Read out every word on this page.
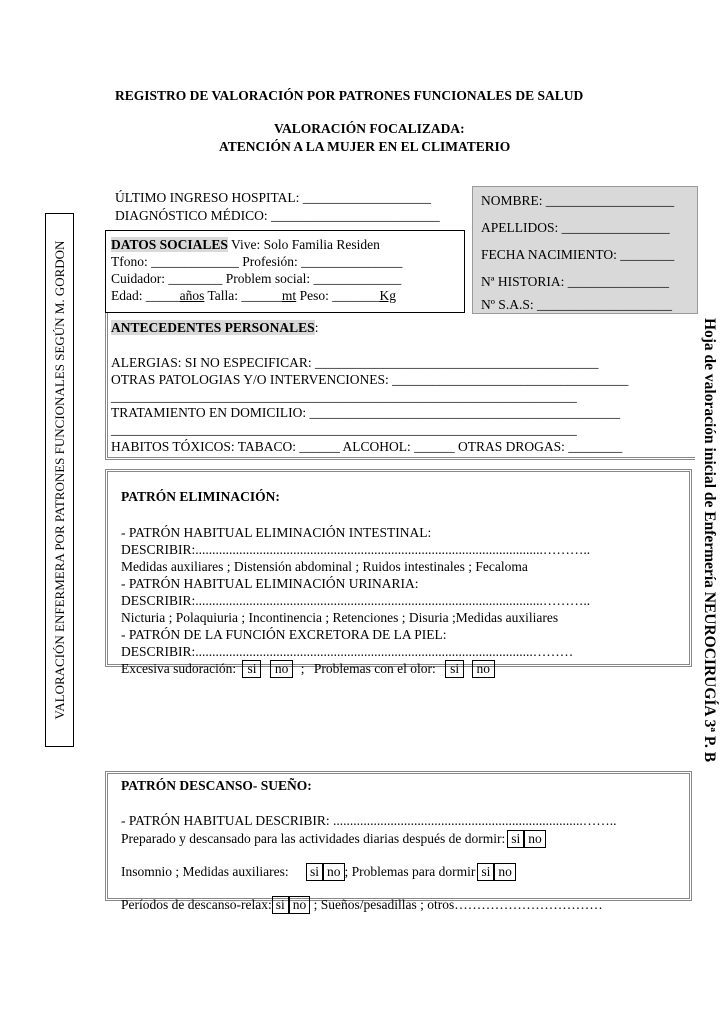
REGISTRO DE VALORACIÓN POR PATRONES FUNCIONALES DE SALUD
VALORACIÓN FOCALIZADA:
ATENCIÓN A LA MUJER EN EL CLIMATERIO
VALORACIÓN ENFERMERA POR PATRONES FUNCIONALES SEGÚN M. GORDON	Hoja de valoración inicial de Enfermería NEUROCIRUGÍA 3ª P. B
ÚLTIMO INGRESO HOSPITAL: ___________________
DIAGNÓSTICO MÉDICO: _________________________
NOMBRE: ___________________
APELLIDOS: ________________
FECHA NACIMIENTO: ________
Nª HISTORIA: _______________
Nº S.A.S: ____________________
DATOS SOCIALES Vive: Solo Familia Residen
Tfono: _____________ Profesión: _______________
Cuidador: ________ Problem social: _____________
Edad: _____años Talla: ______mt Peso: _______Kg
ANTECEDENTES PERSONALES:
ALERGIAS: SI NO ESPECIFICAR: __________________________________________
OTRAS PATOLOGIAS Y/O INTERVENCIONES: ___________________________________
_____________________________________________________________________
TRATAMIENTO EN DOMICILIO: ______________________________________________
_____________________________________________________________________
HABITOS TÓXICOS: TABACO: ______ ALCOHOL: ______ OTRAS DROGAS: ________
PATRÓN ELIMINACIÓN:
- PATRÓN HABITUAL ELIMINACIÓN INTESTINAL:
DESCRIBIR:.......................................................................................................………..
Medidas auxiliares ; Distensión abdominal ; Ruidos intestinales ; Fecaloma
- PATRÓN HABITUAL ELIMINACIÓN URINARIA:
DESCRIBIR:.......................................................................................................………..
Nicturia ; Polaquiuria ; Incontinencia ; Retenciones ; Disuria ;Medidas auxiliares
- PATRÓN DE LA FUNCIÓN EXCRETORA DE LA PIEL:
DESCRIBIR:....................................................................................................………
Excesiva sudoración: si no ; Problemas con el olor: si no
PATRÓN DESCANSO- SUEÑO:
- PATRÓN HABITUAL DESCRIBIR: ..........................................................................……..
Preparado y descansado para las actividades diarias después de dormir: si no
Insomnio ; Medidas auxiliares: si no ; Problemas para dormir si no
Períodos de descanso-relax: si no ; Sueños/pesadillas ; otros……………………………
